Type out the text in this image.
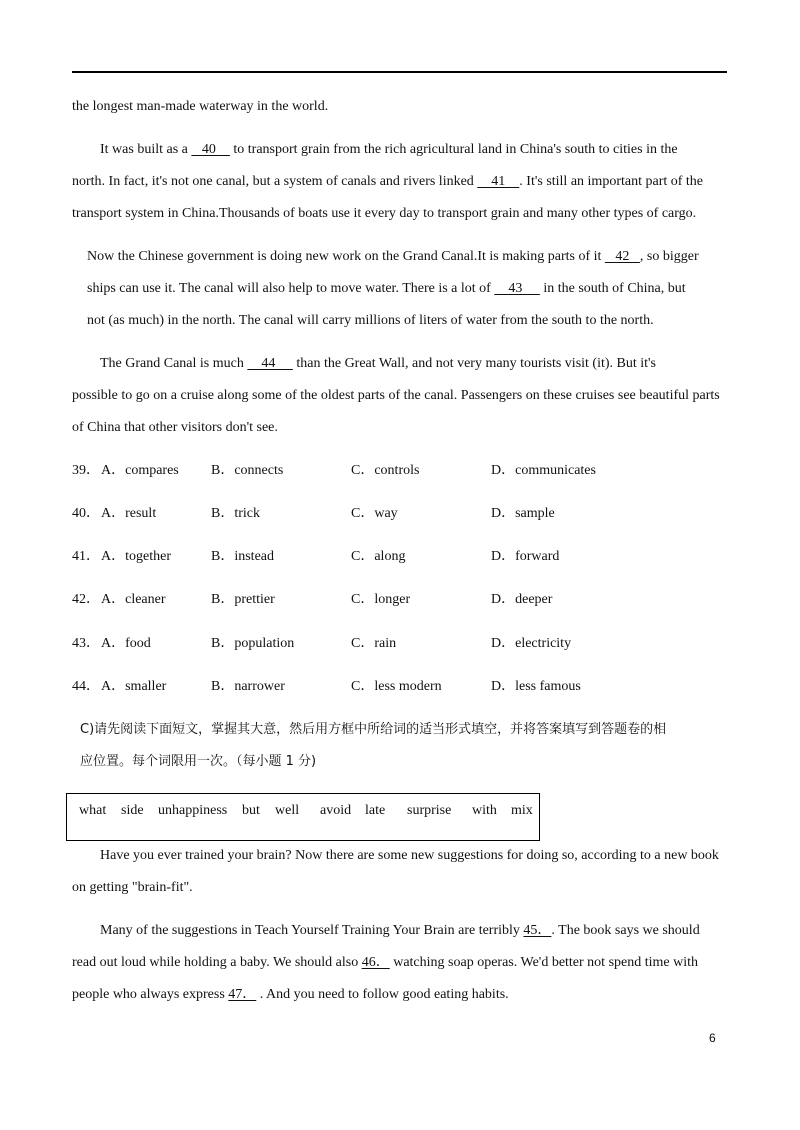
the longest man-made waterway in the world.
It was built as a    40     to transport grain from the rich agricultural land in China's south to cities in the
north. In fact, it's not one canal, but a system of canals and rivers linked     41    . It's still an important part of the
transport system in China.Thousands of boats use it every day to transport grain and many other types of cargo.
Now the Chinese government is doing new work on the Grand Canal.It is making parts of it    42   , so bigger
ships can use it. The canal will also help to move water. There is a lot of     43      in the south of China, but
not (as much) in the north. The canal will carry millions of liters of water from the south to the north.
The Grand Canal is much     44      than the Great Wall, and not very many tourists visit (it). But it's
possible to go on a cruise along some of the oldest parts of the canal. Passengers on these cruises see beautiful parts
of China that other visitors don't see.
39． A．compares B．connects	C．controls	D．communicates
40． A．result	B．trick	C．way	D．sample
41． A．together	B．instead	C．along	D．forward
42． A．cleaner	B．prettier	C．longer	D．deeper
43． A．food	B．population	C．rain	D．electricity
44． A．smaller	B．narrower	C．less modern	D．less famous
C)请先阅读下面短文，掌握其大意，然后用方框中所给词的适当形式填空，并将答案填写到答题卷的相
应位置。每个词限用一次。（每小题 1 分)
what side unhappiness but well avoid late surprise with mix
Have you ever trained your brain? Now there are some new suggestions for doing so, according to a new book
on getting "brain-fit".
Many of the suggestions in Teach Yourself Training Your Brain are terribly 45．. The book says we should
read out loud while holding a baby. We should also 46． watching soap operas. We'd better not spend time with
people who always express 47． . And you need to follow good eating habits.
6
